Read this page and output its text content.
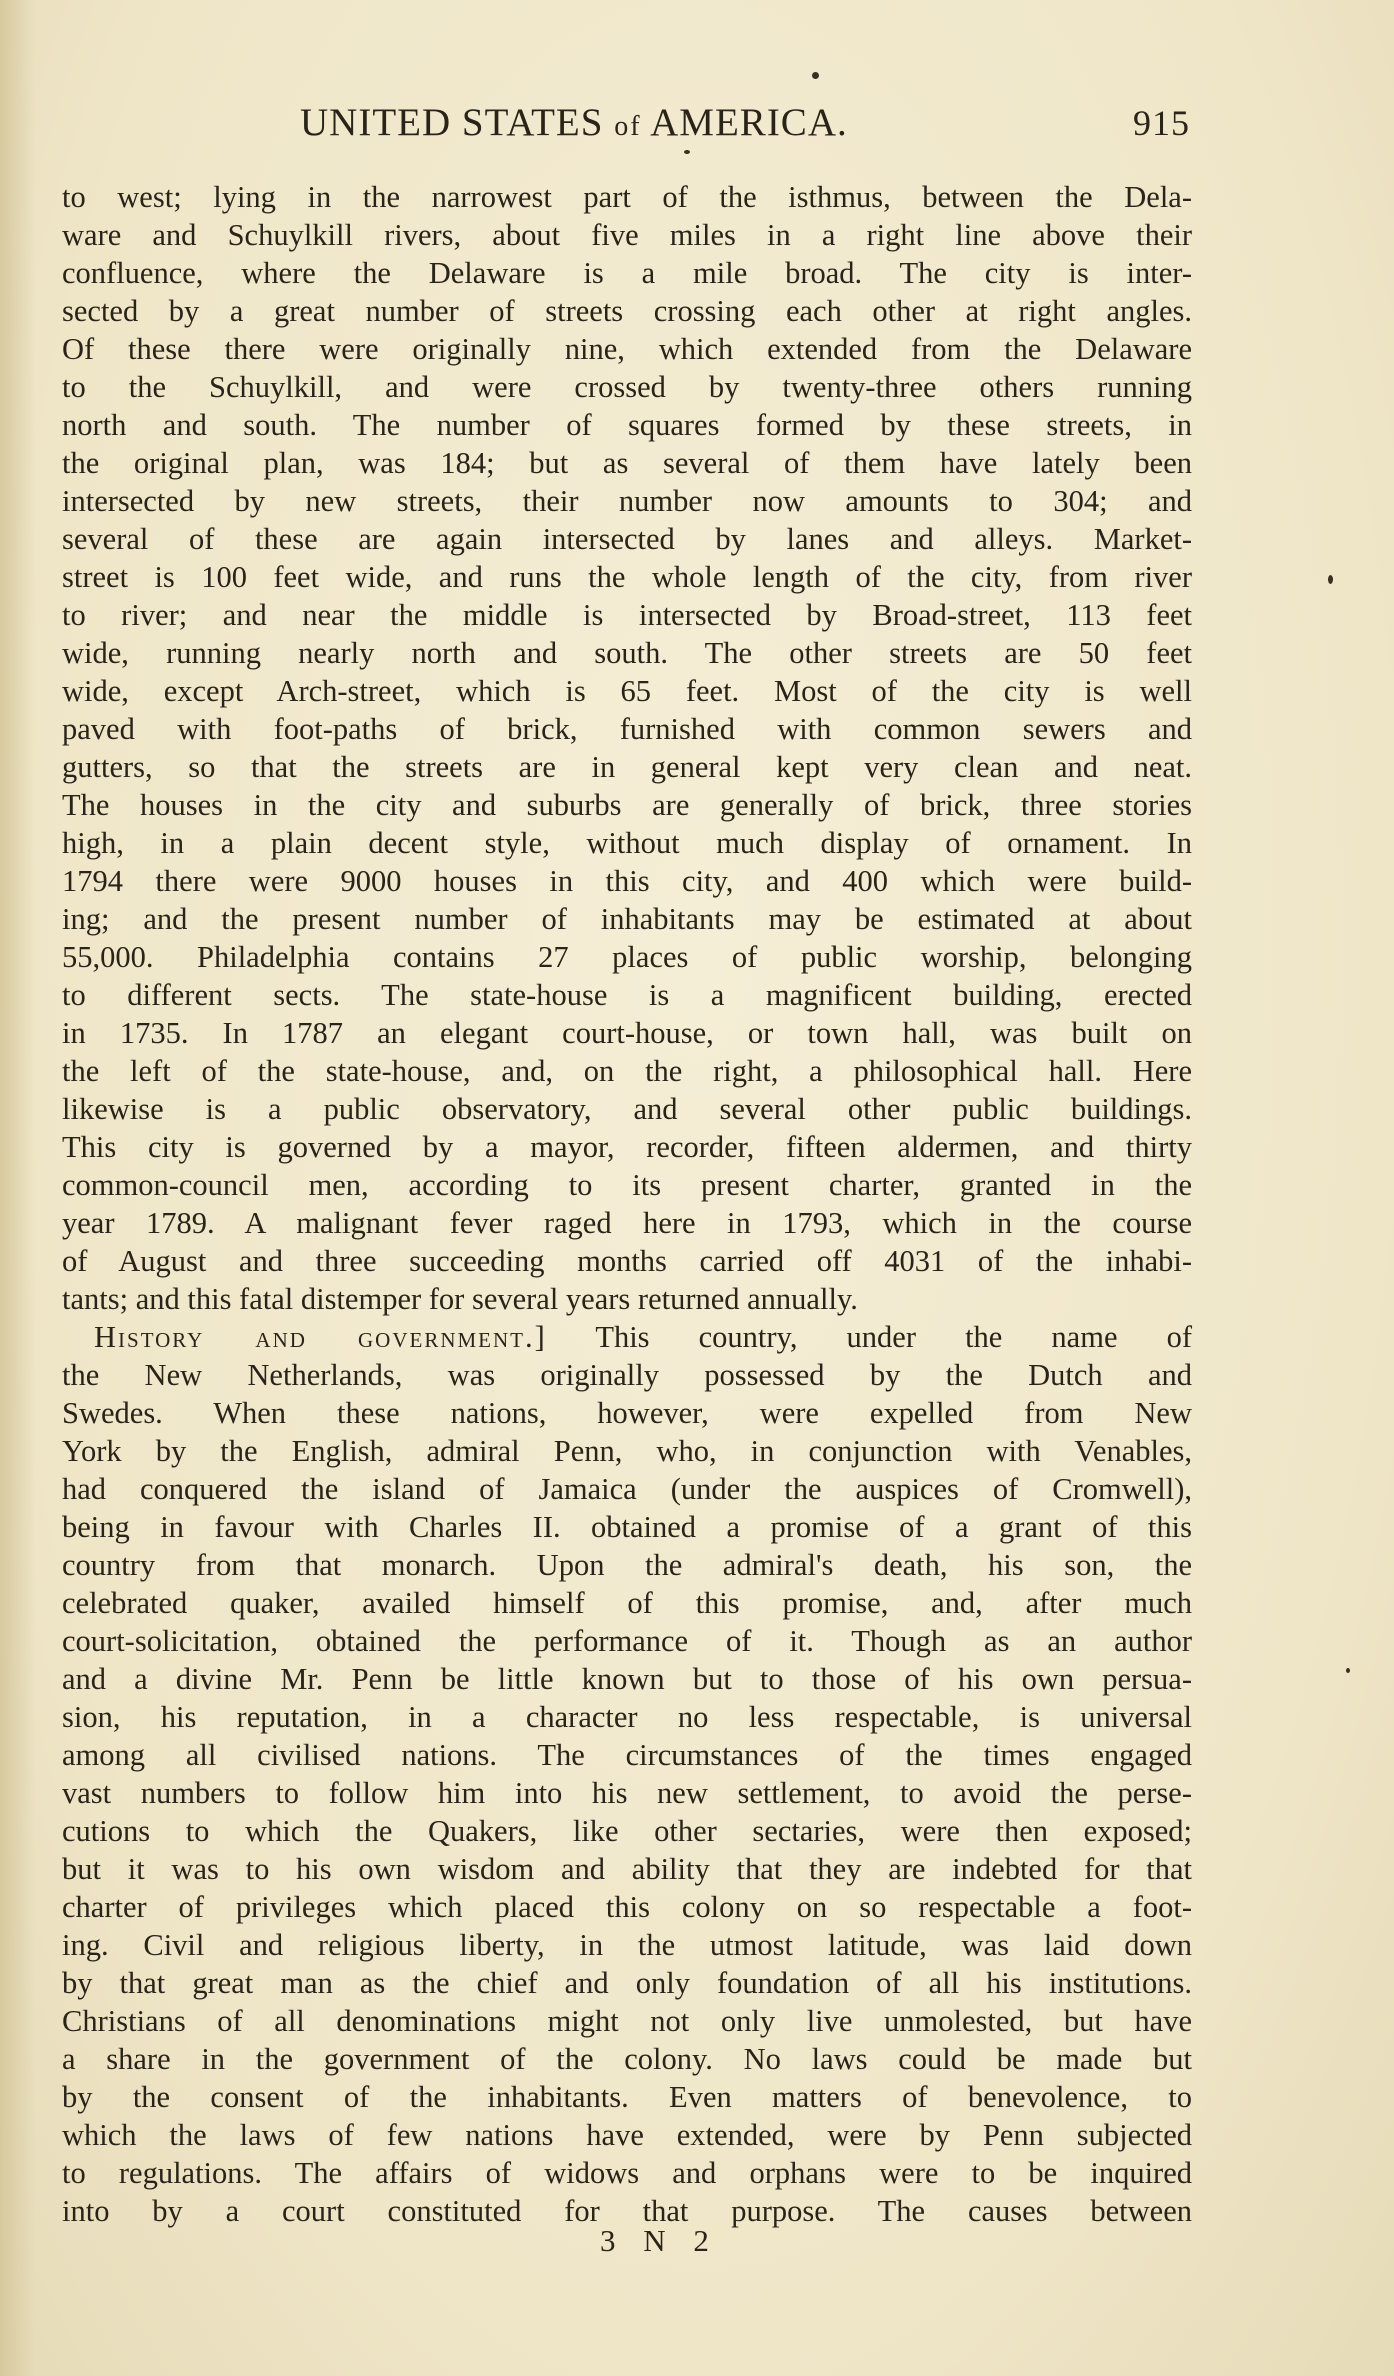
UNITED STATES of AMERICA.	915
to west; lying in the narrowest part of the isthmus, between the Dela-
ware and Schuylkill rivers, about five miles in a right line above their
confluence, where the Delaware is a mile broad. The city is inter-
sected by a great number of streets crossing each other at right angles.
Of these there were originally nine, which extended from the Delaware
to the Schuylkill, and were crossed by twenty-three others running
north and south. The number of squares formed by these streets, in
the original plan, was 184; but as several of them have lately been
intersected by new streets, their number now amounts to 304; and
several of these are again intersected by lanes and alleys. Market-
street is 100 feet wide, and runs the whole length of the city, from river
to river; and near the middle is intersected by Broad-street, 113 feet
wide, running nearly north and south. The other streets are 50 feet
wide, except Arch-street, which is 65 feet. Most of the city is well
paved with foot-paths of brick, furnished with common sewers and
gutters, so that the streets are in general kept very clean and neat.
The houses in the city and suburbs are generally of brick, three stories
high, in a plain decent style, without much display of ornament. In
1794 there were 9000 houses in this city, and 400 which were build-
ing; and the present number of inhabitants may be estimated at about
55,000. Philadelphia contains 27 places of public worship, belonging
to different sects. The state-house is a magnificent building, erected
in 1735. In 1787 an elegant court-house, or town hall, was built on
the left of the state-house, and, on the right, a philosophical hall. Here
likewise is a public observatory, and several other public buildings.
This city is governed by a mayor, recorder, fifteen aldermen, and thirty
common-council men, according to its present charter, granted in the
year 1789. A malignant fever raged here in 1793, which in the course
of August and three succeeding months carried off 4031 of the inhabi-
tants; and this fatal distemper for several years returned annually.
History and government.] This country, under the name of
the New Netherlands, was originally possessed by the Dutch and
Swedes. When these nations, however, were expelled from New
York by the English, admiral Penn, who, in conjunction with Venables,
had conquered the island of Jamaica (under the auspices of Cromwell),
being in favour with Charles II. obtained a promise of a grant of this
country from that monarch. Upon the admiral's death, his son, the
celebrated quaker, availed himself of this promise, and, after much
court-solicitation, obtained the performance of it. Though as an author
and a divine Mr. Penn be little known but to those of his own persua-
sion, his reputation, in a character no less respectable, is universal
among all civilised nations. The circumstances of the times engaged
vast numbers to follow him into his new settlement, to avoid the perse-
cutions to which the Quakers, like other sectaries, were then exposed;
but it was to his own wisdom and ability that they are indebted for that
charter of privileges which placed this colony on so respectable a foot-
ing. Civil and religious liberty, in the utmost latitude, was laid down
by that great man as the chief and only foundation of all his institutions.
Christians of all denominations might not only live unmolested, but have
a share in the government of the colony. No laws could be made but
by the consent of the inhabitants. Even matters of benevolence, to
which the laws of few nations have extended, were by Penn subjected
to regulations. The affairs of widows and orphans were to be inquired
into by a court constituted for that purpose. The causes between
3 N 2
